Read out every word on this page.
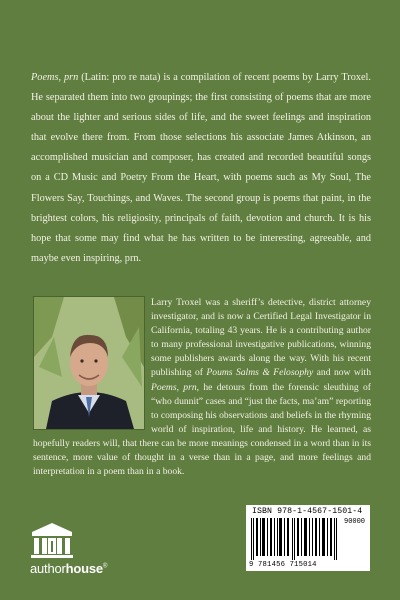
Poems, prn (Latin: pro re nata) is a compilation of recent poems by Larry Troxel. He separated them into two groupings; the first consisting of poems that are more about the lighter and serious sides of life, and the sweet feelings and inspiration that evolve there from. From those selections his associate James Atkinson, an accomplished musician and composer, has created and recorded beautiful songs on a CD Music and Poetry From the Heart, with poems such as My Soul, The Flowers Say, Touchings, and Waves. The second group is poems that paint, in the brightest colors, his religiosity, principals of faith, devotion and church. It is his hope that some may find what he has written to be interesting, agreeable, and maybe even inspiring, prn.

Larry Troxel was a sheriff’s detective, district attorney investigator, and is now a Certified Legal Investigator in California, totaling 43 years. He is a contributing author to many professional investigative publications, winning some publishers awards along the way. With his recent publishing of Poums Salms & Felosophy and now with Poems, prn, he detours from the forensic sleuthing of “who dunnit” cases and “just the facts, ma’am” reporting to composing his observations and beliefs in the rhyming world of inspiration, life and history. He learned, as hopefully readers will, that there can be more meanings condensed in a word than in its sentence, more value of thought in a verse than in a page, and more feelings and interpretation in a poem than in a book.

authorhouse®
ISBN 978-1-4567-1501-4
90000
9 781456 715014
